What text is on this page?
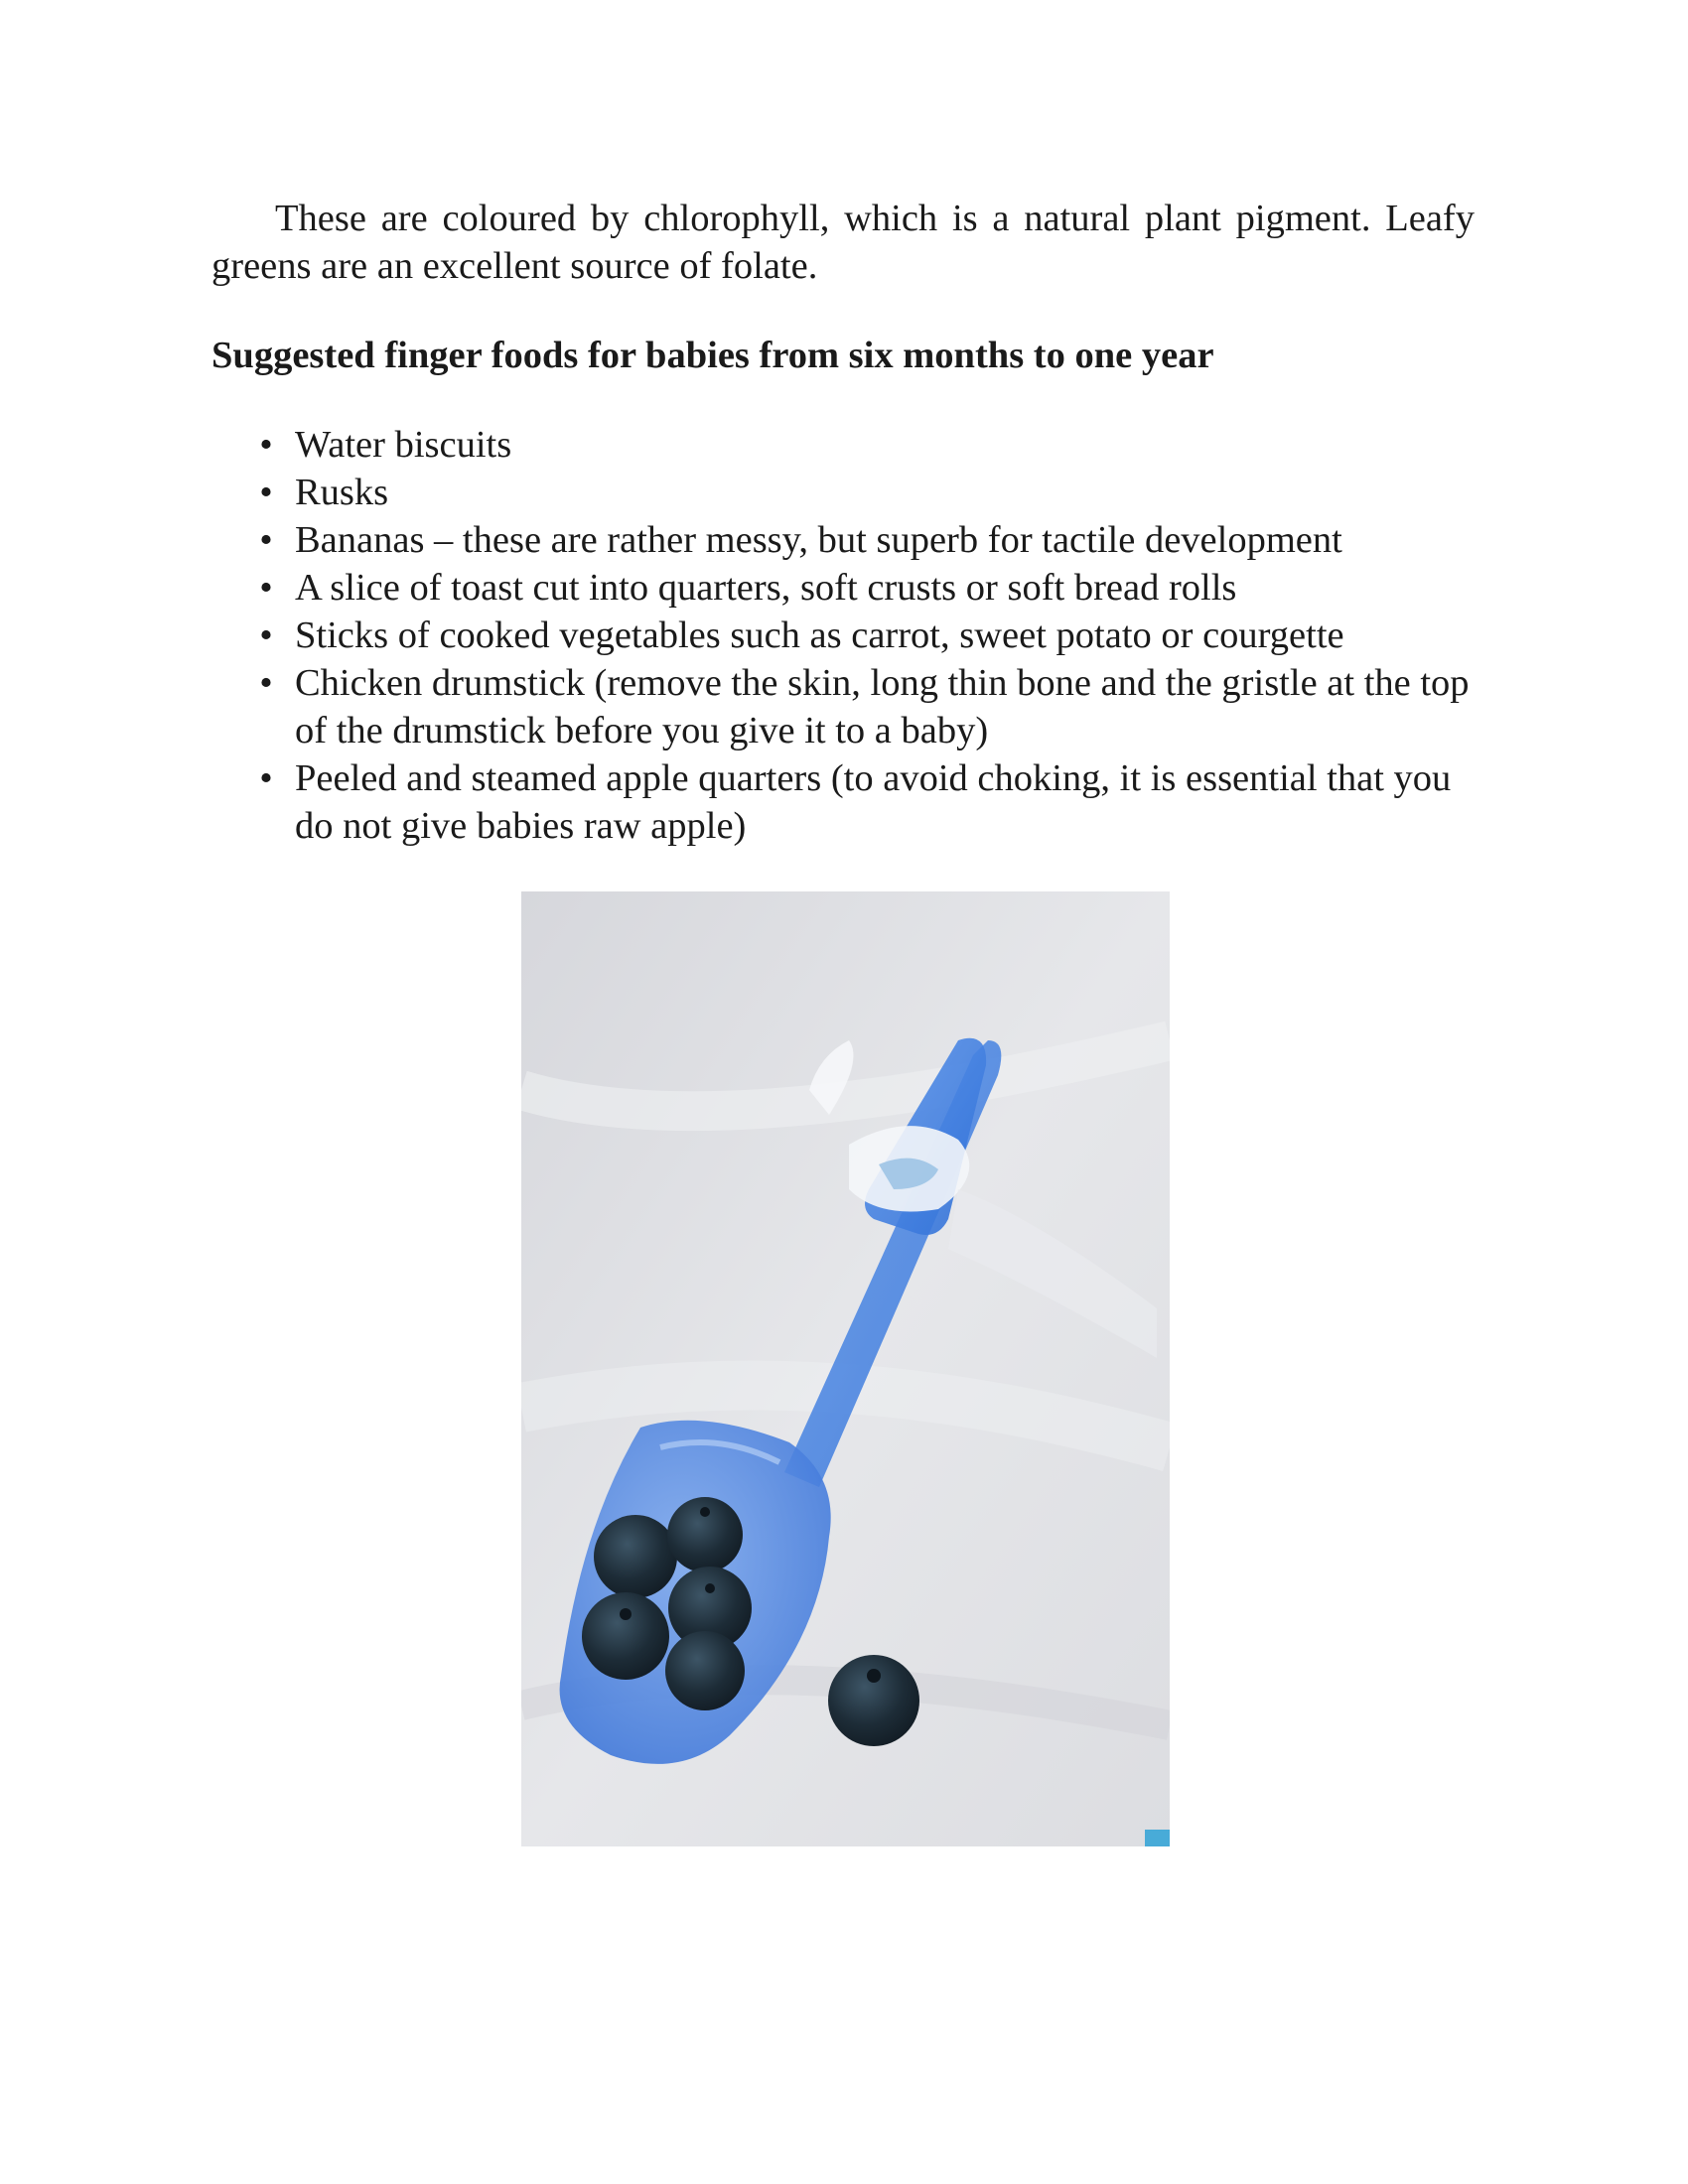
These are coloured by chlorophyll, which is a natural plant pigment. Leafy greens are an excellent source of folate.

Suggested finger foods for babies from six months to one year
• Water biscuits
• Rusks
• Bananas – these are rather messy, but superb for tactile development
• A slice of toast cut into quarters, soft crusts or soft bread rolls
• Sticks of cooked vegetables such as carrot, sweet potato or courgette
• Chicken drumstick (remove the skin, long thin bone and the gristle at the top of the drumstick before you give it to a baby)
• Peeled and steamed apple quarters (to avoid choking, it is essential that you do not give babies raw apple)
